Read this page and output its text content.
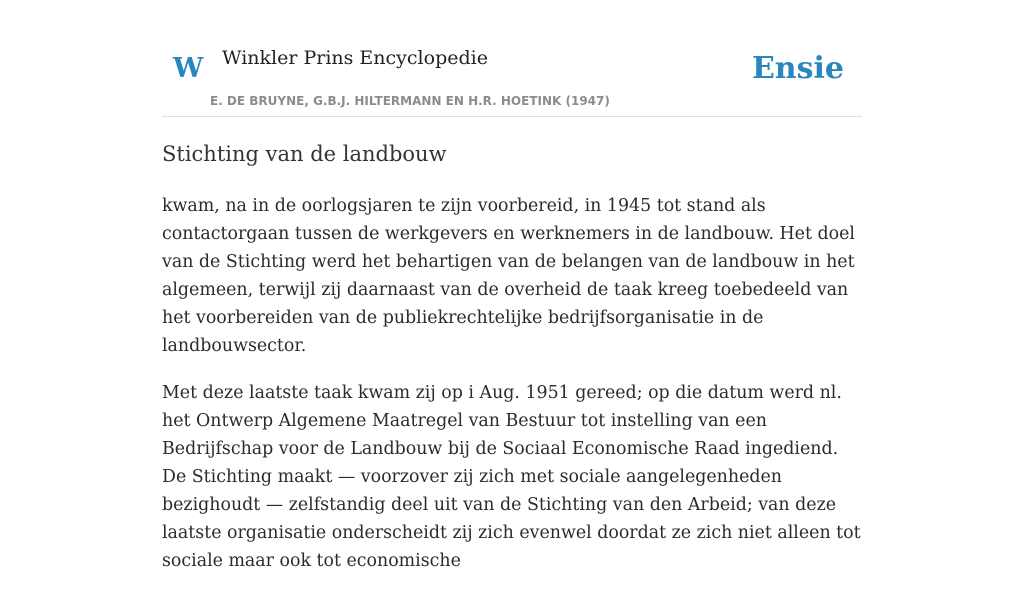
W Winkler Prins Encyclopedie
E. DE BRUYNE, G.B.J. HILTERMANN EN H.R. HOETINK (1947)
Ensie
Stichting van de landbouw

kwam, na in de oorlogsjaren te zijn voorbereid, in 1945 tot stand als contactorgaan tussen de werkgevers en werknemers in de landbouw. Het doel van de Stichting werd het behartigen van de belangen van de landbouw in het algemeen, terwijl zij daarnaast van de overheid de taak kreeg toebedeeld van het voorbereiden van de publiekrechtelijke bedrijfsorganisatie in de landbouwsector.

Met deze laatste taak kwam zij op i Aug. 1951 gereed; op die datum werd nl. het Ontwerp Algemene Maatregel van Bestuur tot instelling van een Bedrijfschap voor de Landbouw bij de Sociaal Economische Raad ingediend. De Stichting maakt — voorzover zij zich met sociale aangelegenheden bezighoudt — zelfstandig deel uit van de Stichting van den Arbeid; van deze laatste organisatie onderscheidt zij zich evenwel doordat ze zich niet alleen tot sociale maar ook tot economische
